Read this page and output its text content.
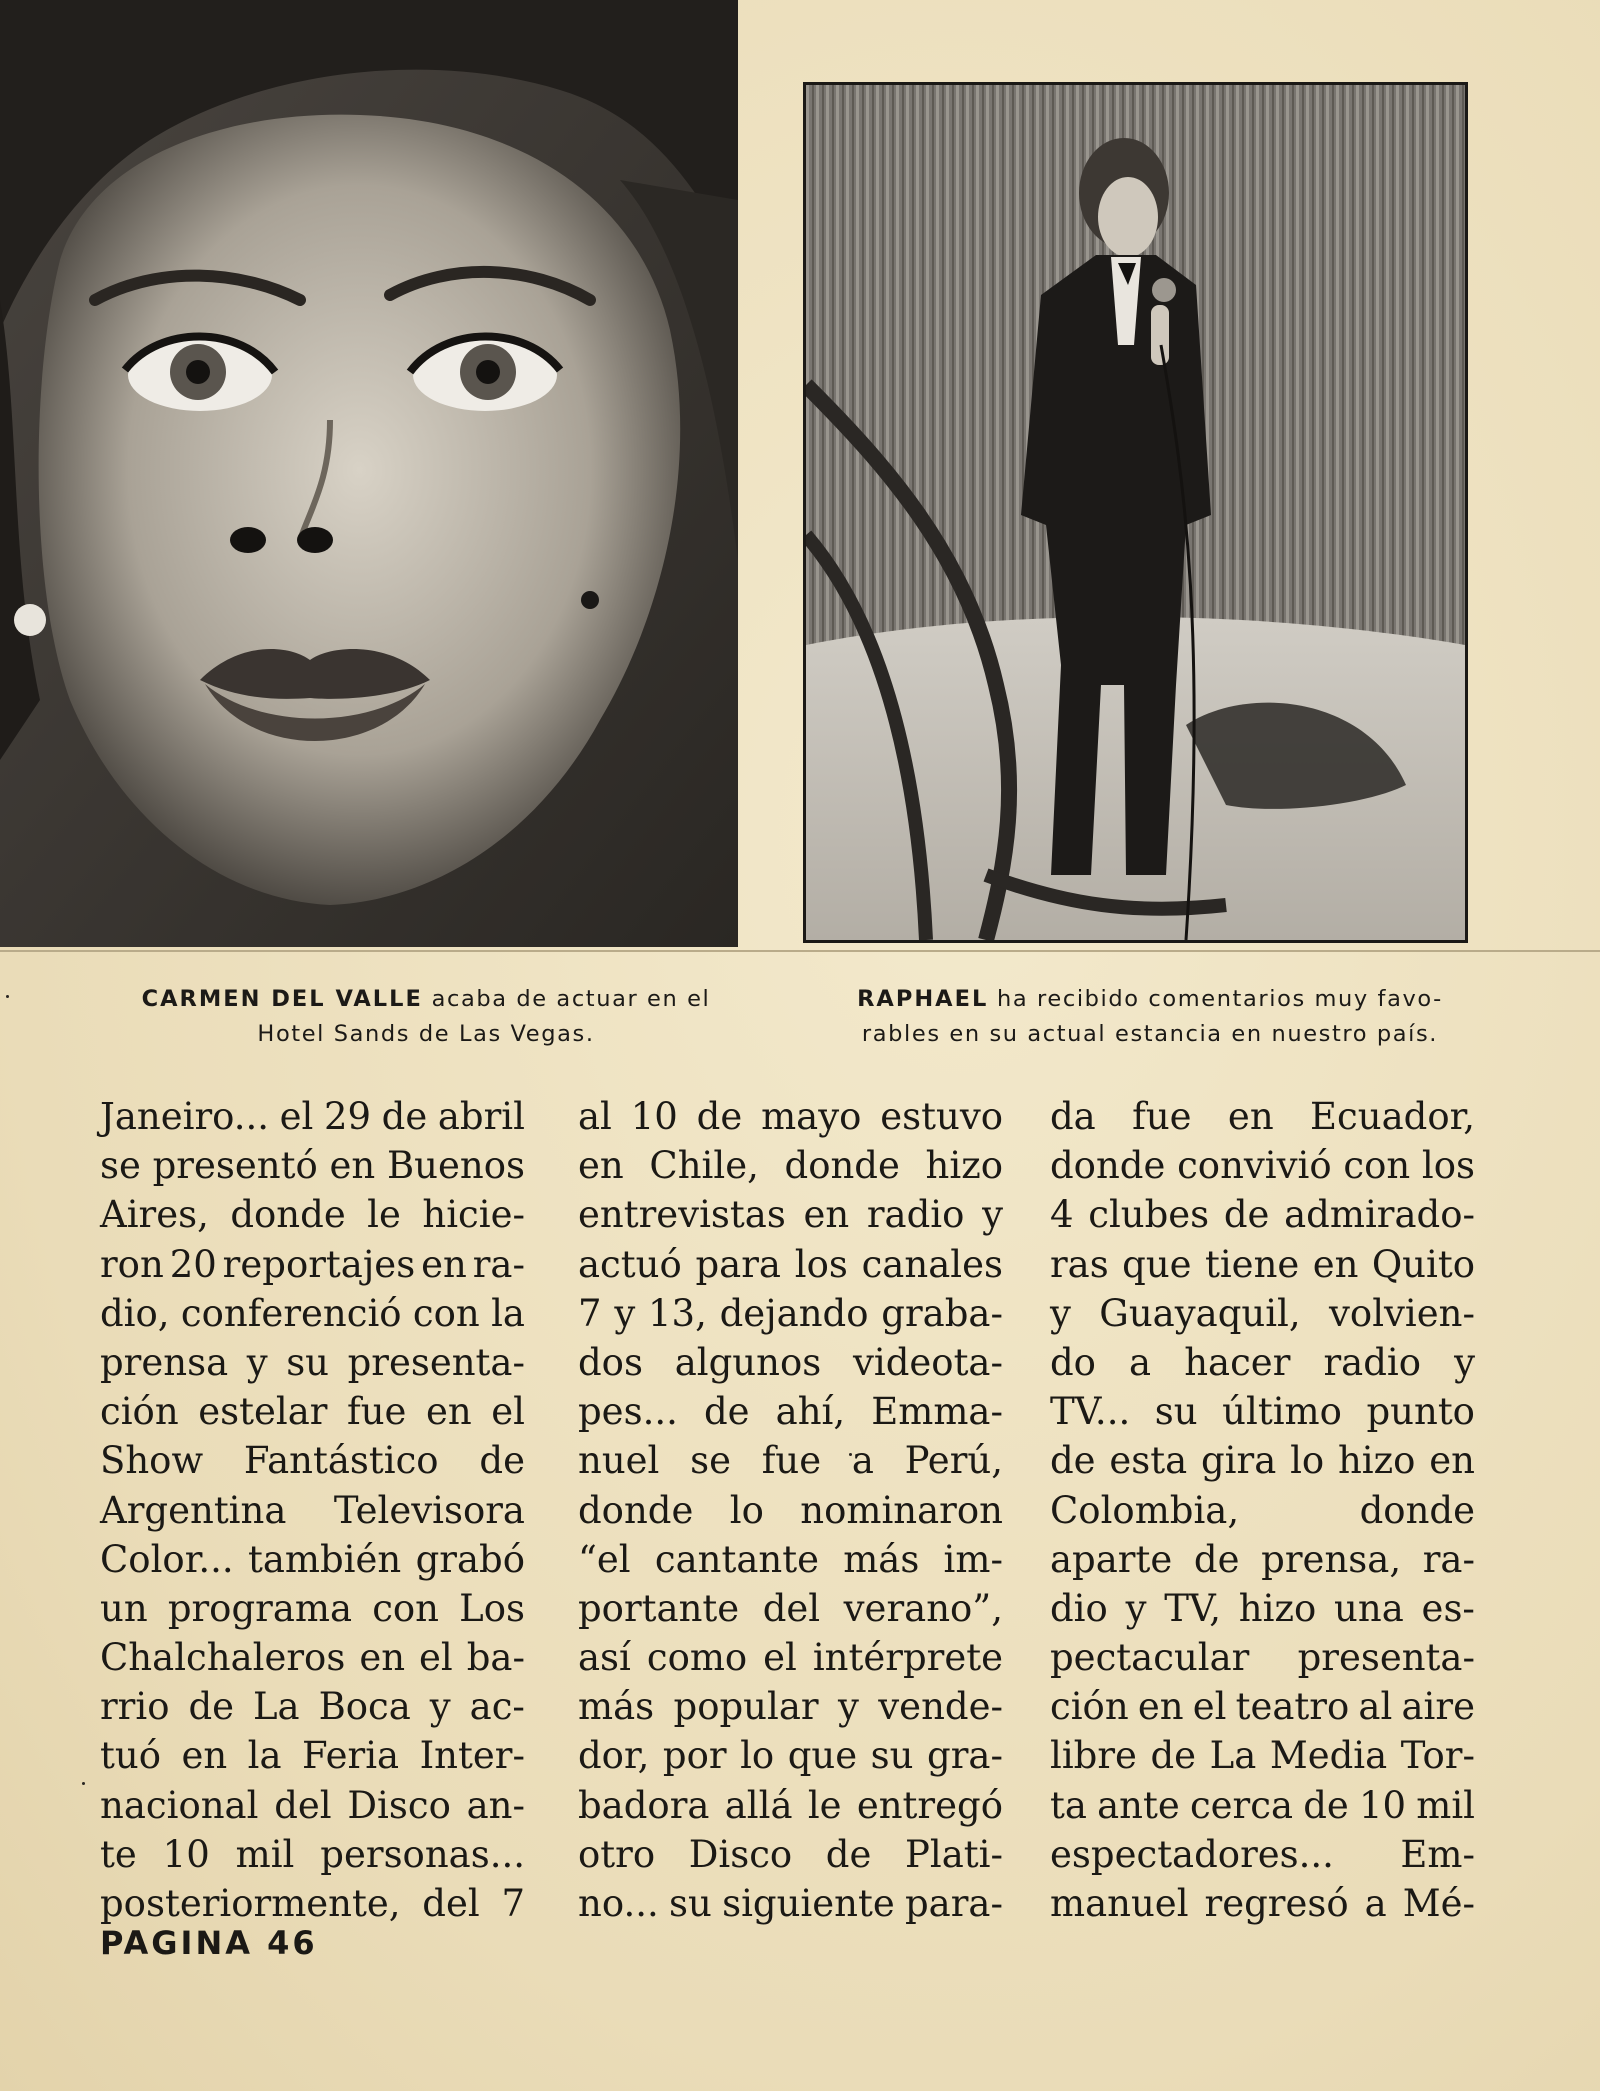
CARMEN DEL VALLE acaba de actuar en el
Hotel Sands de Las Vegas.
RAPHAEL ha recibido comentarios muy favo-
rables en su actual estancia en nuestro país.
Janeiro... el 29 de abril
se presentó en Buenos
Aires, donde le hicie-
ron 20 reportajes en ra-
dio, conferenció con la
prensa y su presenta-
ción estelar fue en el
Show Fantástico de
Argentina Televisora
Color... también grabó
un programa con Los
Chalchaleros en el ba-
rrio de La Boca y ac-
tuó en la Feria Inter-
nacional del Disco an-
te 10 mil personas...
posteriormente, del 7
al 10 de mayo estuvo
en Chile, donde hizo
entrevistas en radio y
actuó para los canales
7 y 13, dejando graba-
dos algunos videota-
pes... de ahí, Emma-
nuel se fue a Perú,
donde lo nominaron
“el cantante más im-
portante del verano”,
así como el intérprete
más popular y vende-
dor, por lo que su gra-
badora allá le entregó
otro Disco de Plati-
no... su siguiente para-
da fue en Ecuador,
donde convivió con los
4 clubes de admirado-
ras que tiene en Quito
y Guayaquil, volvien-
do a hacer radio y
TV... su último punto
de esta gira lo hizo en
Colombia,	donde
aparte de prensa, ra-
dio y TV, hizo una es-
pectacular presenta-
ción en el teatro al aire
libre de La Media Tor-
ta ante cerca de 10 mil
espectadores... Em-
manuel regresó a Mé-
PAGINA 46
